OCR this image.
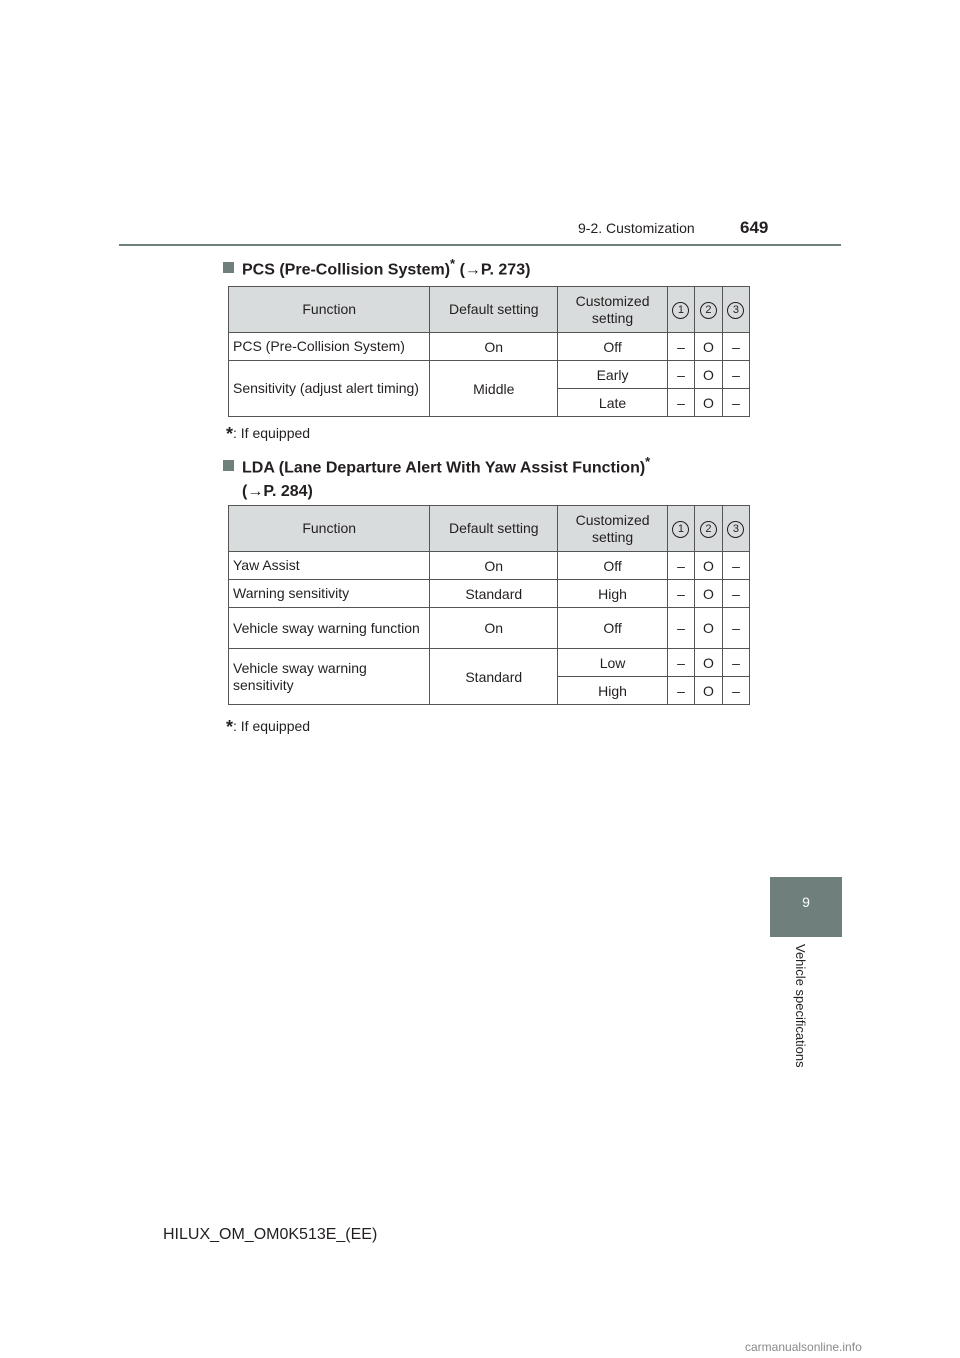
9-2. Customization	649
PCS (Pre-Collision System)* (→P. 273)
Function	Default setting	Customized setting	1	2	3
PCS (Pre-Collision System)	On	Off	–	O	–
Sensitivity (adjust alert timing)	Middle	Early	–	O	–
		Late	–	O	–
*: If equipped
LDA (Lane Departure Alert With Yaw Assist Function)*
(→P. 284)
Function	Default setting	Customized setting	1	2	3
Yaw Assist	On	Off	–	O	–
Warning sensitivity	Standard	High	–	O	–
Vehicle sway warning function	On	Off	–	O	–
Vehicle sway warning sensitivity	Standard	Low	–	O	–
		High	–	O	–
*: If equipped
9
Vehicle specifications
HILUX_OM_OM0K513E_(EE)
carmanualsonline.info
